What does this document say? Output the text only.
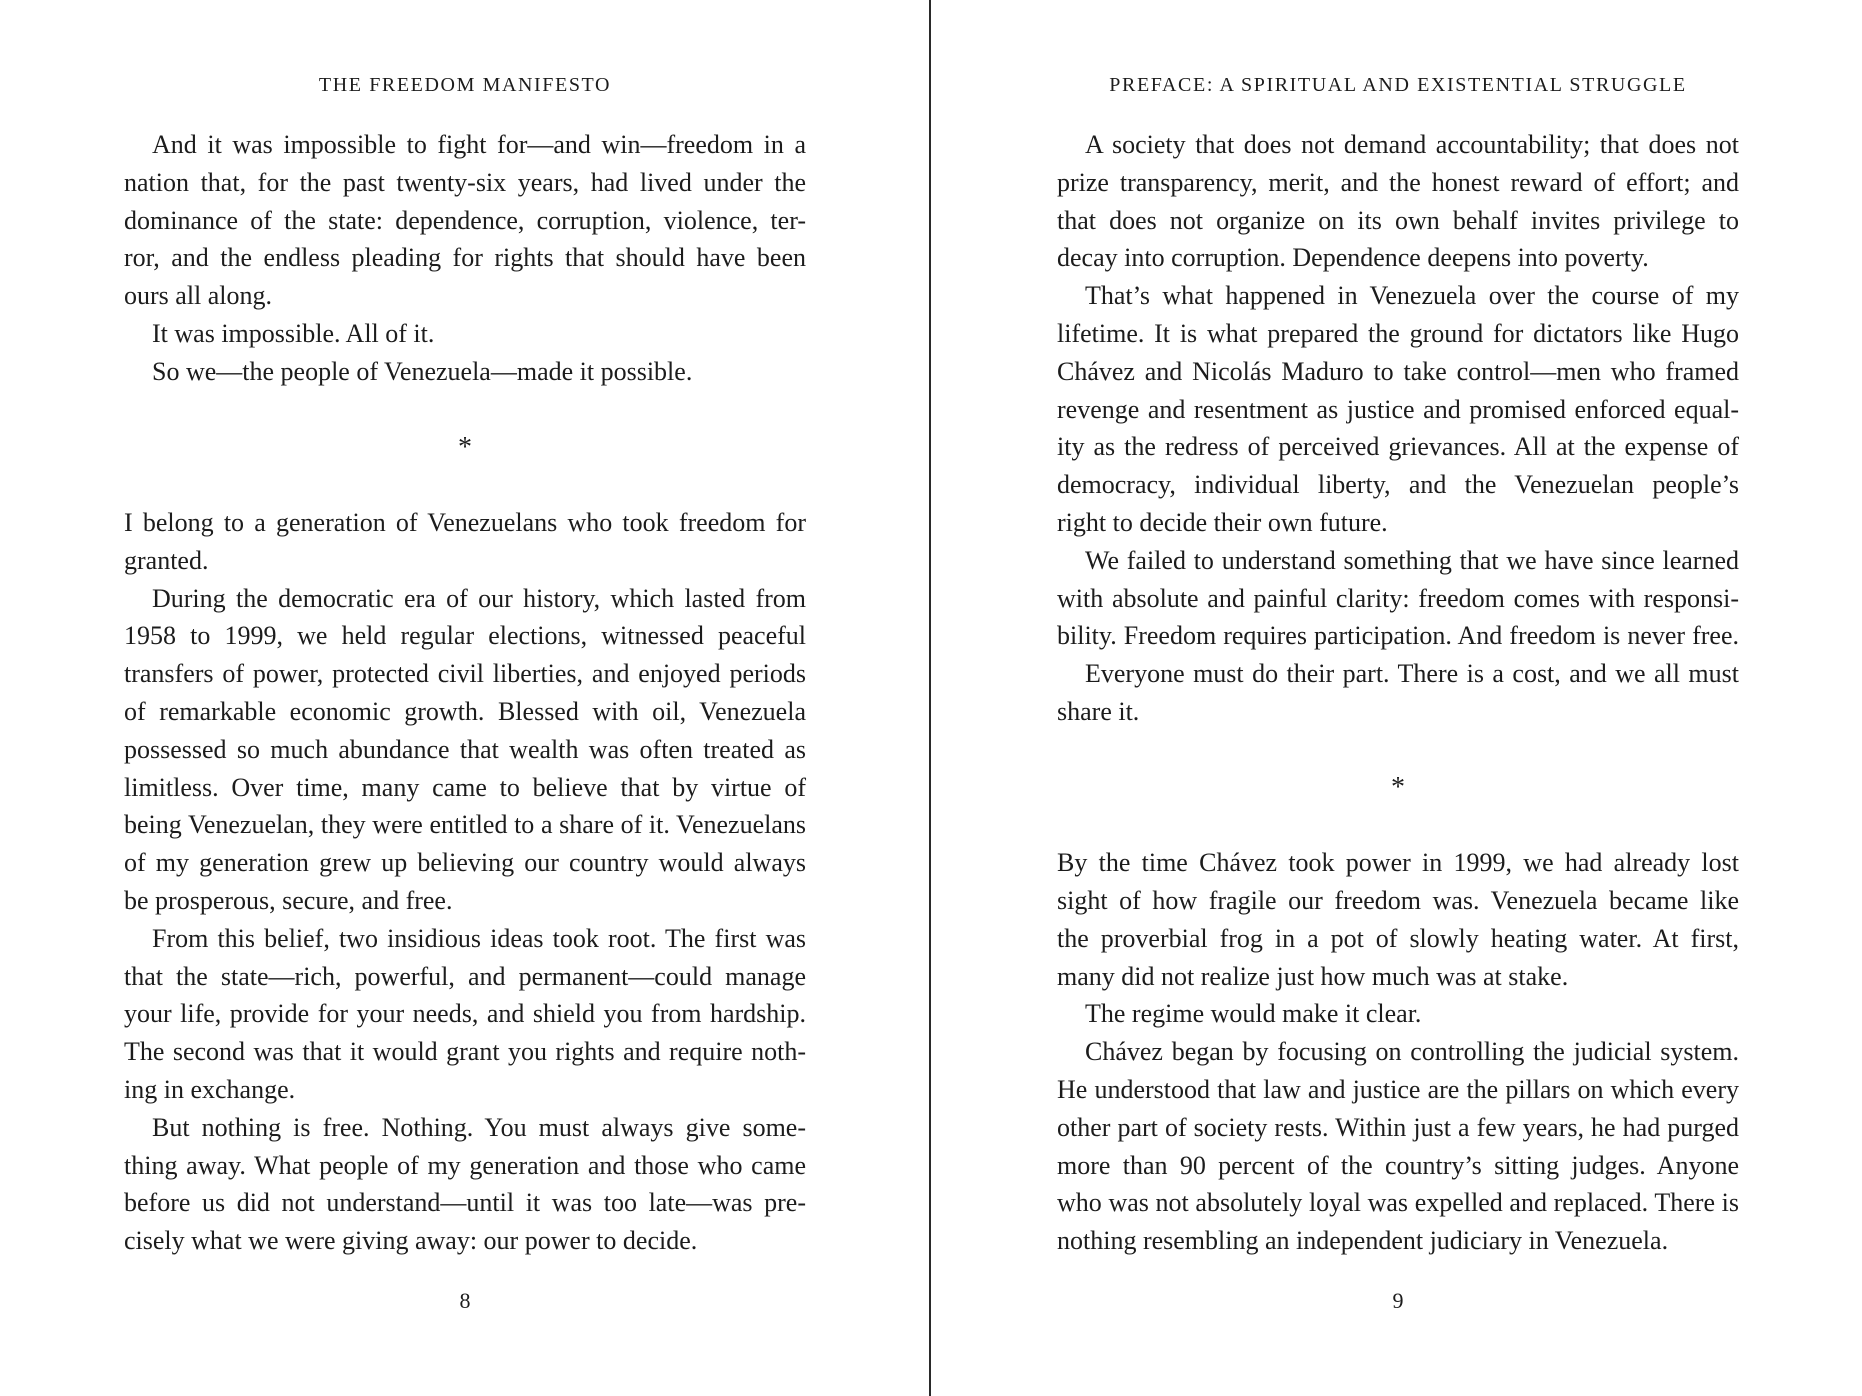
THE FREEDOM MANIFESTO
And it was impossible to fight for—and win—freedom in a
nation that, for the past twenty-six years, had lived under the
dominance of the state: dependence, corruption, violence, ter-
ror, and the endless pleading for rights that should have been
ours all along.
It was impossible. All of it.
So we—the people of Venezuela—made it possible.
*
I belong to a generation of Venezuelans who took freedom for
granted.
During the democratic era of our history, which lasted from
1958 to 1999, we held regular elections, witnessed peaceful
transfers of power, protected civil liberties, and enjoyed periods
of remarkable economic growth. Blessed with oil, Venezuela
possessed so much abundance that wealth was often treated as
limitless. Over time, many came to believe that by virtue of
being Venezuelan, they were entitled to a share of it. Venezuelans
of my generation grew up believing our country would always
be prosperous, secure, and free.
From this belief, two insidious ideas took root. The first was
that the state—rich, powerful, and permanent—could manage
your life, provide for your needs, and shield you from hardship.
The second was that it would grant you rights and require noth-
ing in exchange.
But nothing is free. Nothing. You must always give some-
thing away. What people of my generation and those who came
before us did not understand—until it was too late—was pre-
cisely what we were giving away: our power to decide.
8
PREFACE: A SPIRITUAL AND EXISTENTIAL STRUGGLE
A society that does not demand accountability; that does not
prize transparency, merit, and the honest reward of effort; and
that does not organize on its own behalf invites privilege to
decay into corruption. Dependence deepens into poverty.
That’s what happened in Venezuela over the course of my
lifetime. It is what prepared the ground for dictators like Hugo
Chávez and Nicolás Maduro to take control—men who framed
revenge and resentment as justice and promised enforced equal-
ity as the redress of perceived grievances. All at the expense of
democracy, individual liberty, and the Venezuelan people’s
right to decide their own future.
We failed to understand something that we have since learned
with absolute and painful clarity: freedom comes with responsi-
bility. Freedom requires participation. And freedom is never free.
Everyone must do their part. There is a cost, and we all must
share it.
*
By the time Chávez took power in 1999, we had already lost
sight of how fragile our freedom was. Venezuela became like
the proverbial frog in a pot of slowly heating water. At first,
many did not realize just how much was at stake.
The regime would make it clear.
Chávez began by focusing on controlling the judicial system.
He understood that law and justice are the pillars on which every
other part of society rests. Within just a few years, he had purged
more than 90 percent of the country’s sitting judges. Anyone
who was not absolutely loyal was expelled and replaced. There is
nothing resembling an independent judiciary in Venezuela.
9
